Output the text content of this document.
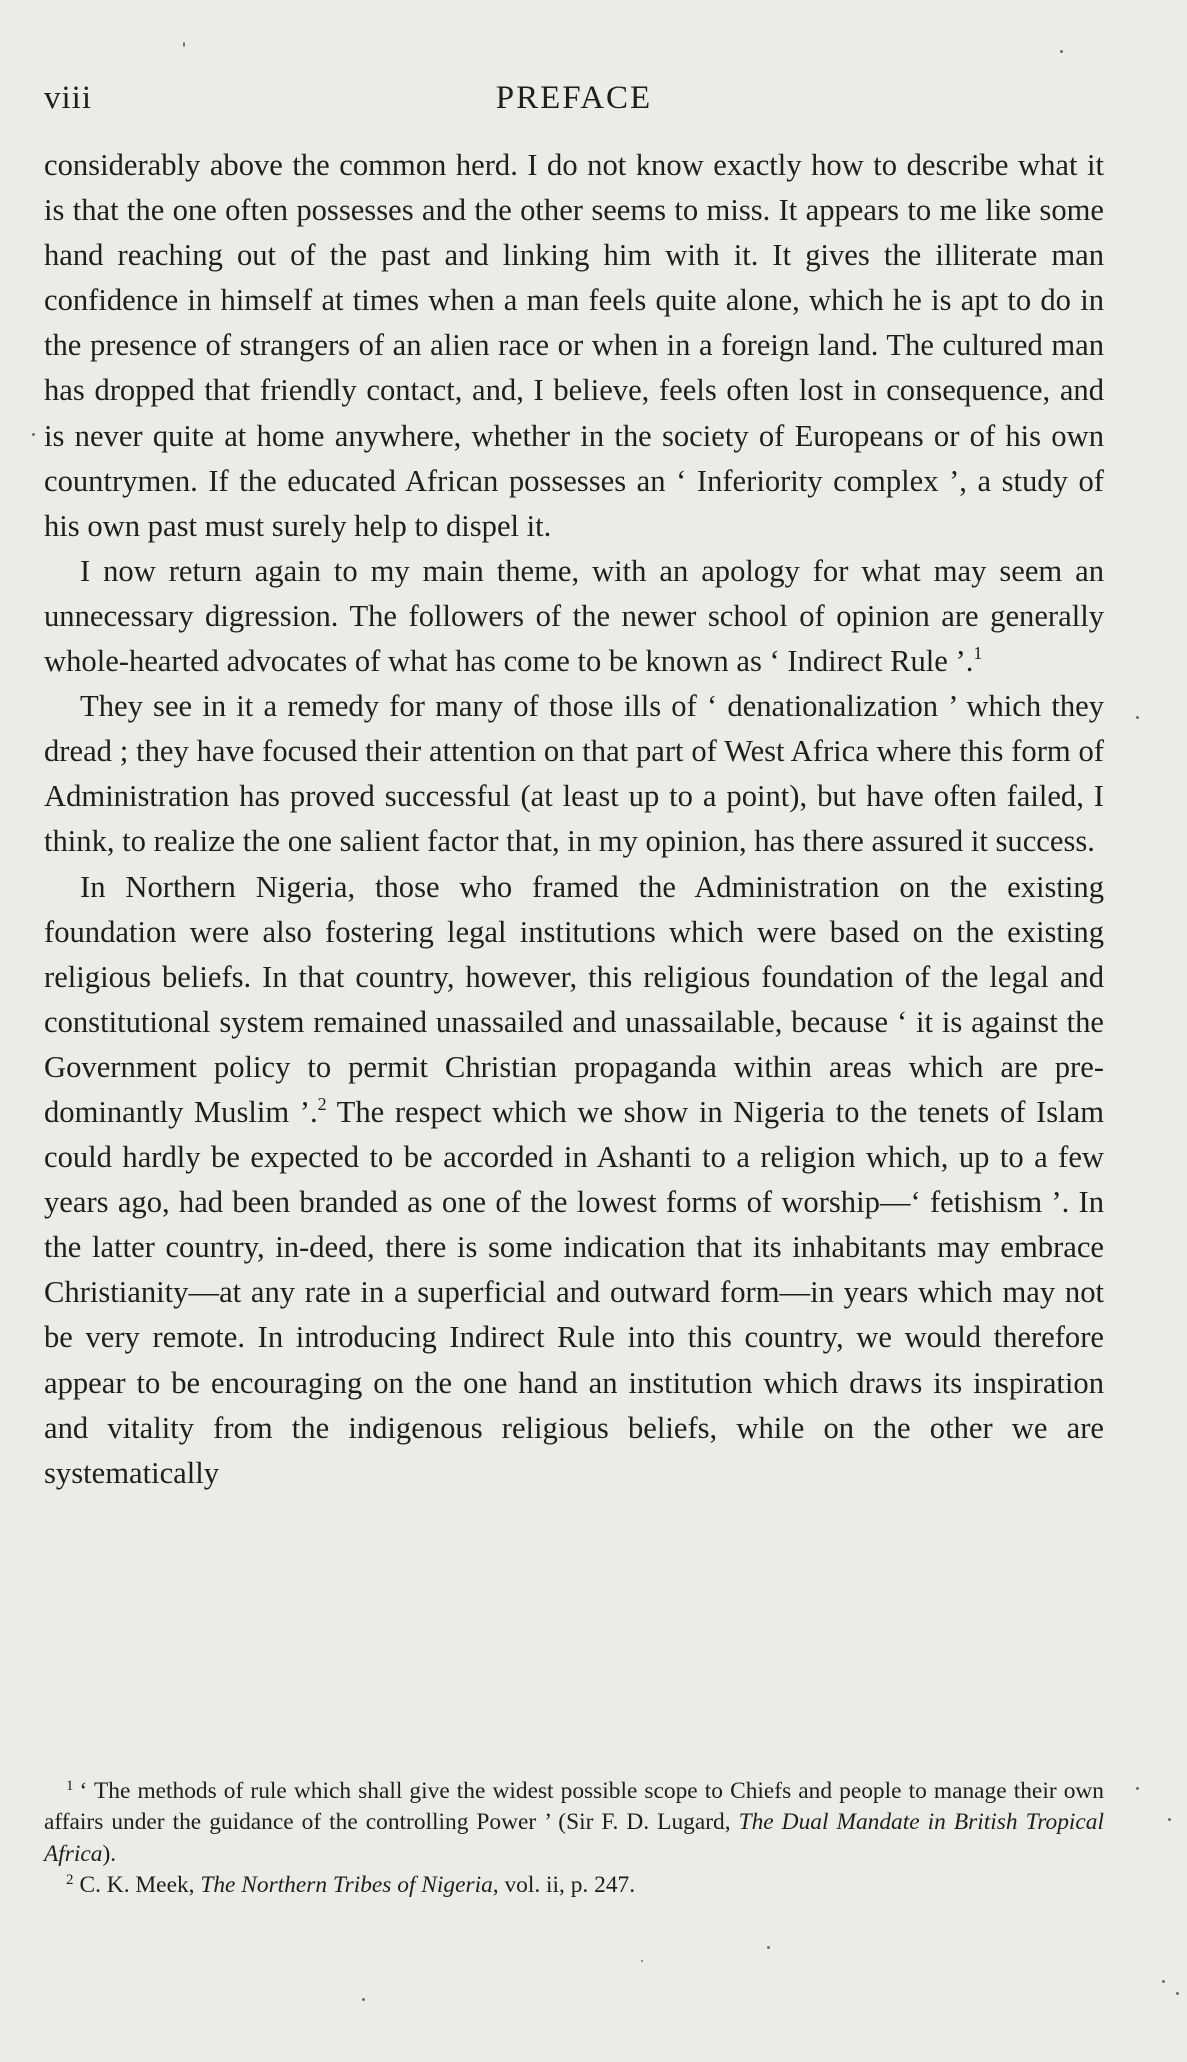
viii	PREFACE

considerably above the common herd. I do not know exactly how to describe what it is that the one often possesses and the other seems to miss. It appears to me like some hand reaching out of the past and linking him with it. It gives the illiterate man confidence in himself at times when a man feels quite alone, which he is apt to do in the presence of strangers of an alien race or when in a foreign land. The cultured man has dropped that friendly contact, and, I believe, feels often lost in consequence, and is never quite at home anywhere, whether in the society of Europeans or of his own countrymen. If the educated African possesses an ‘ Inferiority complex ’, a study of his own past must surely help to dispel it.

I now return again to my main theme, with an apology for what may seem an unnecessary digression. The followers of the newer school of opinion are generally whole-hearted advocates of what has come to be known as ‘ Indirect Rule ’.$^1$

They see in it a remedy for many of those ills of ‘ denationalization ’ which they dread ; they have focused their attention on that part of West Africa where this form of Administration has proved successful (at least up to a point), but have often failed, I think, to realize the one salient factor that, in my opinion, has there assured it success.

In Northern Nigeria, those who framed the Administration on the existing foundation were also fostering legal institutions which were based on the existing religious beliefs. In that country, however, this religious foundation of the legal and constitutional system remained unassailed and unassailable, because ‘ it is against the Government policy to permit Christian propaganda within areas which are pre-dominantly Muslim ’.$^2$ The respect which we show in Nigeria to the tenets of Islam could hardly be expected to be accorded in Ashanti to a religion which, up to a few years ago, had been branded as one of the lowest forms of worship—‘ fetishism ’. In the latter country, in-deed, there is some indication that its inhabitants may embrace Christianity—at any rate in a superficial and outward form—in years which may not be very remote. In introducing Indirect Rule into this country, we would therefore appear to be encouraging on the one hand an institution which draws its inspiration and vitality from the indigenous religious beliefs, while on the other we are systematically

$^1$ ‘ The methods of rule which shall give the widest possible scope to Chiefs and people to manage their own affairs under the guidance of the controlling Power ’ (Sir F. D. Lugard, The Dual Mandate in British Tropical Africa).

$^2$ C. K. Meek, The Northern Tribes of Nigeria, vol. ii, p. 247.
